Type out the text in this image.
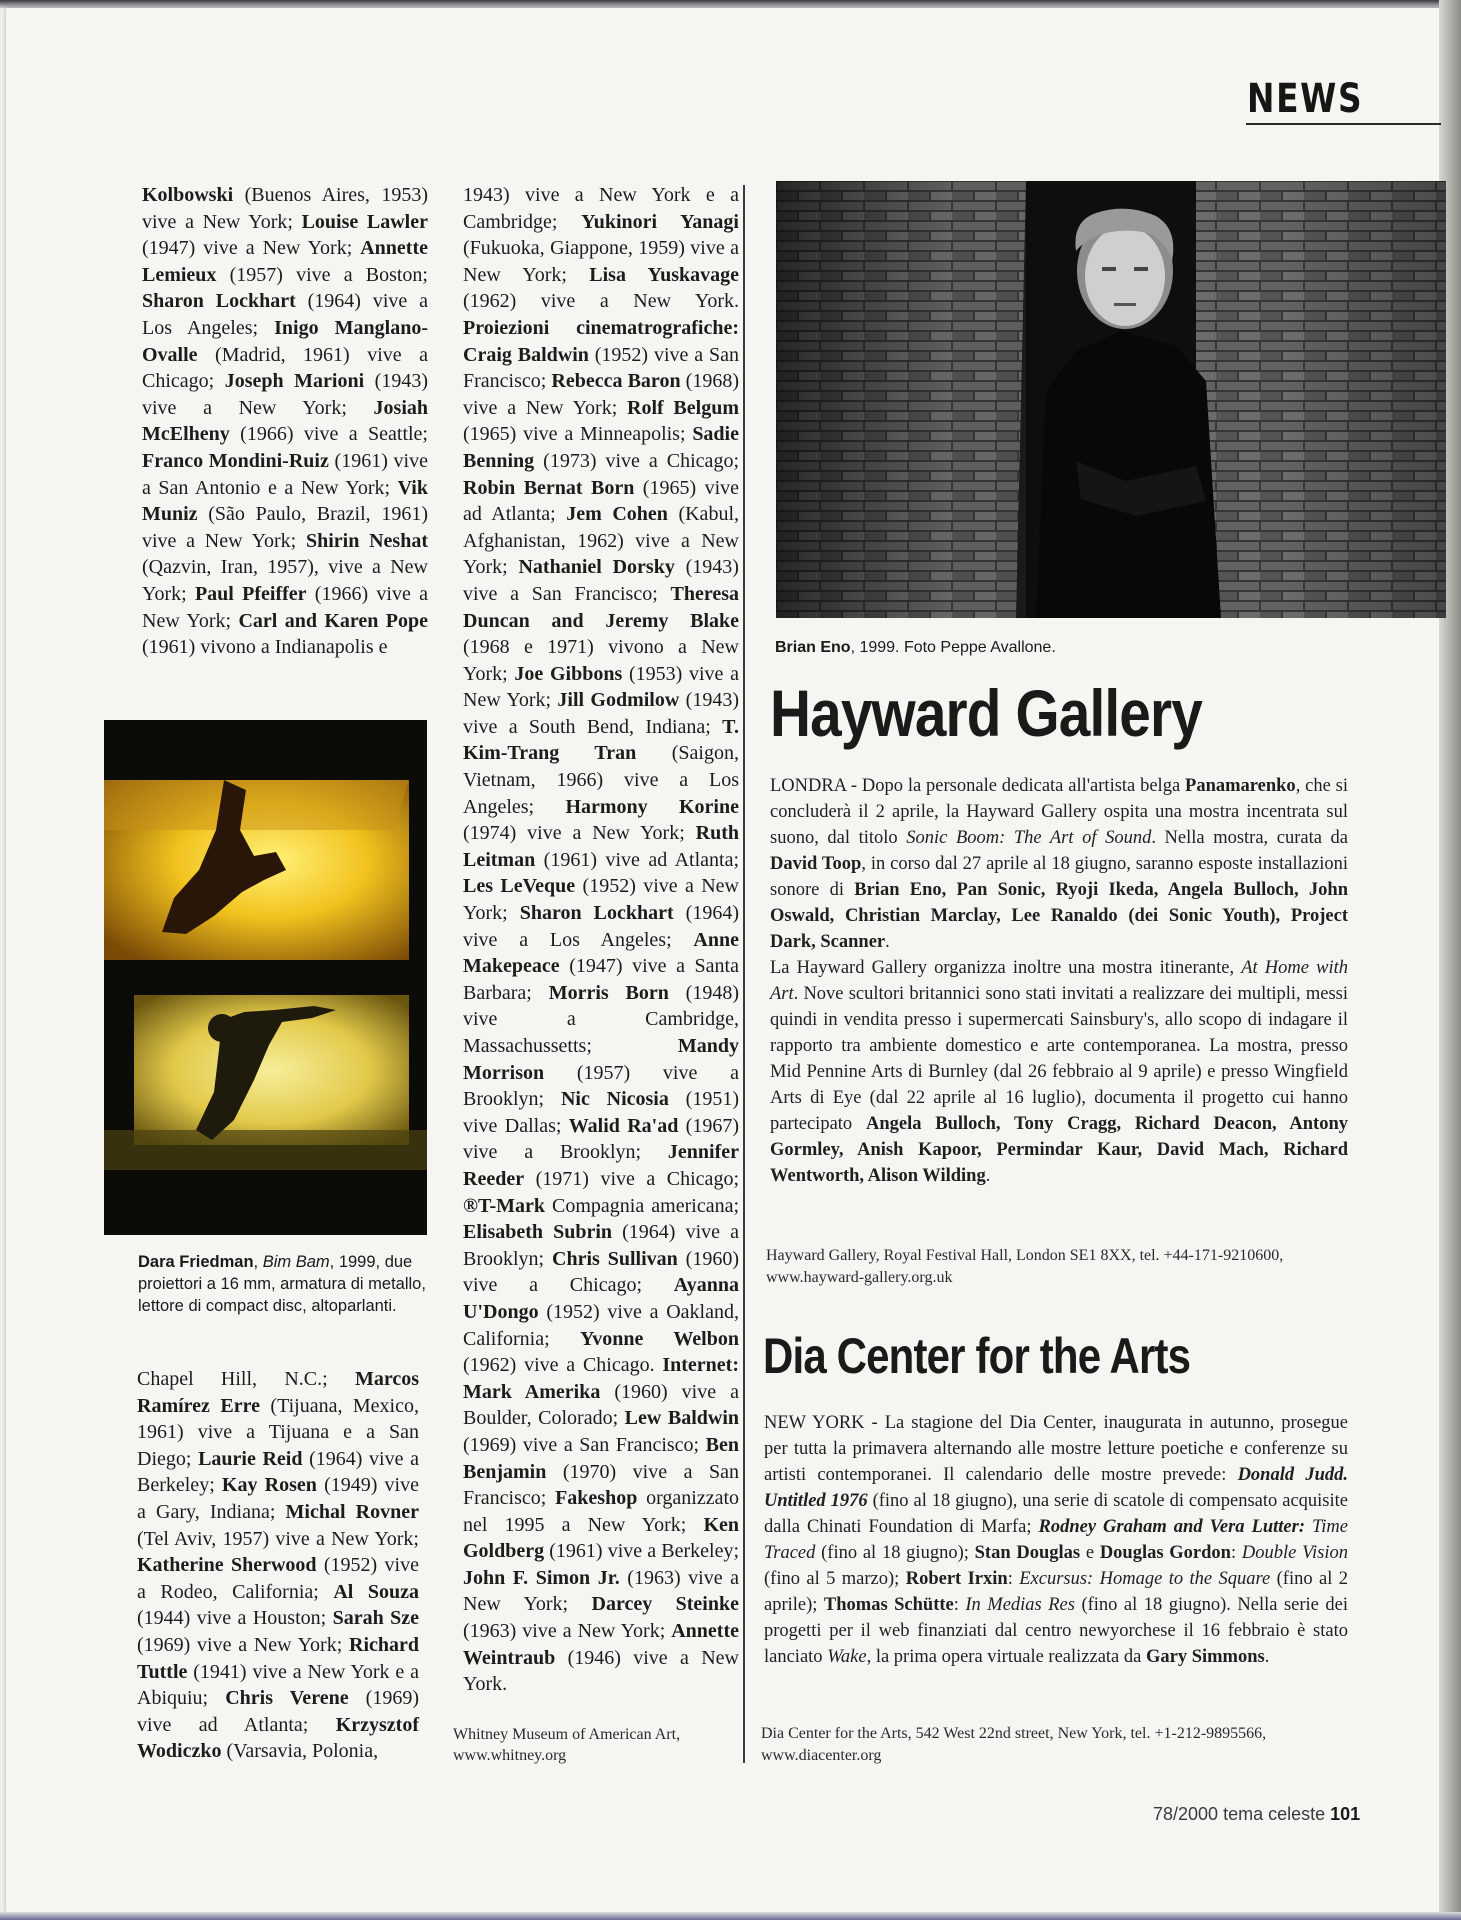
NEWS

Kolbowski (Buenos Aires, 1953) vive a New York; Louise Lawler (1947) vive a New York; Annette Lemieux (1957) vive a Boston; Sharon Lockhart (1964) vive a Los Angeles; Inigo Manglano-Ovalle (Madrid, 1961) vive a Chicago; Joseph Marioni (1943) vive a New York; Josiah McElheny (1966) vive a Seattle; Franco Mondini-Ruiz (1961) vive a San Antonio e a New York; Vik Muniz (São Paulo, Brazil, 1961) vive a New York; Shirin Neshat (Qazvin, Iran, 1957), vive a New York; Paul Pfeiffer (1966) vive a New York; Carl and Karen Pope (1961) vivono a Indianapolis e

Dara Friedman, Bim Bam, 1999, due proiettori a 16 mm, armatura di metallo, lettore di compact disc, altoparlanti.

Chapel Hill, N.C.; Marcos Ramírez Erre (Tijuana, Mexico, 1961) vive a Tijuana e a San Diego; Laurie Reid (1964) vive a Berkeley; Kay Rosen (1949) vive a Gary, Indiana; Michal Rovner (Tel Aviv, 1957) vive a New York; Katherine Sherwood (1952) vive a Rodeo, California; Al Souza (1944) vive a Houston; Sarah Sze (1969) vive a New York; Richard Tuttle (1941) vive a New York e a Abiquiu; Chris Verene (1969) vive ad Atlanta; Krzysztof Wodiczko (Varsavia, Polonia,

1943) vive a New York e a Cambridge; Yukinori Yanagi (Fukuoka, Giappone, 1959) vive a New York; Lisa Yuskavage (1962) vive a New York. Proiezioni cinematrografiche: Craig Baldwin (1952) vive a San Francisco; Rebecca Baron (1968) vive a New York; Rolf Belgum (1965) vive a Minneapolis; Sadie Benning (1973) vive a Chicago; Robin Bernat Born (1965) vive ad Atlanta; Jem Cohen (Kabul, Afghanistan, 1962) vive a New York; Nathaniel Dorsky (1943) vive a San Francisco; Theresa Duncan and Jeremy Blake (1968 e 1971) vivono a New York; Joe Gibbons (1953) vive a New York; Jill Godmilow (1943) vive a South Bend, Indiana; T. Kim-Trang Tran (Saigon, Vietnam, 1966) vive a Los Angeles; Harmony Korine (1974) vive a New York; Ruth Leitman (1961) vive ad Atlanta; Les LeVeque (1952) vive a New York; Sharon Lockhart (1964) vive a Los Angeles; Anne Makepeace (1947) vive a Santa Barbara; Morris Born (1948) vive a Cambridge, Massachussetts; Mandy Morrison (1957) vive a Brooklyn; Nic Nicosia (1951) vive Dallas; Walid Ra'ad (1967) vive a Brooklyn; Jennifer Reeder (1971) vive a Chicago; ®T-Mark Compagnia americana; Elisabeth Subrin (1964) vive a Brooklyn; Chris Sullivan (1960) vive a Chicago; Ayanna U'Dongo (1952) vive a Oakland, California; Yvonne Welbon (1962) vive a Chicago. Internet: Mark Amerika (1960) vive a Boulder, Colorado; Lew Baldwin (1969) vive a San Francisco; Ben Benjamin (1970) vive a San Francisco; Fakeshop organizzato nel 1995 a New York; Ken Goldberg (1961) vive a Berkeley; John F. Simon Jr. (1963) vive a New York; Darcey Steinke (1963) vive a New York; Annette Weintraub (1946) vive a New York.

Whitney Museum of American Art, www.whitney.org
Brian Eno, 1999. Foto Peppe Avallone.
Hayward Gallery

LONDRA - Dopo la personale dedicata all'artista belga Panamarenko, che si concluderà il 2 aprile, la Hayward Gallery ospita una mostra incentrata sul suono, dal titolo Sonic Boom: The Art of Sound. Nella mostra, curata da David Toop, in corso dal 27 aprile al 18 giugno, saranno esposte installazioni sonore di Brian Eno, Pan Sonic, Ryoji Ikeda, Angela Bulloch, John Oswald, Christian Marclay, Lee Ranaldo (dei Sonic Youth), Project Dark, Scanner.

La Hayward Gallery organizza inoltre una mostra itinerante, At Home with Art. Nove scultori britannici sono stati invitati a realizzare dei multipli, messi quindi in vendita presso i supermercati Sainsbury's, allo scopo di indagare il rapporto tra ambiente domestico e arte contemporanea. La mostra, presso Mid Pennine Arts di Burnley (dal 26 febbraio al 9 aprile) e presso Wingfield Arts di Eye (dal 22 aprile al 16 luglio), documenta il progetto cui hanno partecipato Angela Bulloch, Tony Cragg, Richard Deacon, Antony Gormley, Anish Kapoor, Permindar Kaur, David Mach, Richard Wentworth, Alison Wilding.

Hayward Gallery, Royal Festival Hall, London SE1 8XX, tel. +44-171-9210600, www.hayward-gallery.org.uk
Dia Center for the Arts

NEW YORK - La stagione del Dia Center, inaugurata in autunno, prosegue per tutta la primavera alternando alle mostre letture poetiche e conferenze su artisti contemporanei. Il calendario delle mostre prevede: Donald Judd. Untitled 1976 (fino al 18 giugno), una serie di scatole di compensato acquisite dalla Chinati Foundation di Marfa; Rodney Graham and Vera Lutter: Time Traced (fino al 18 giugno); Stan Douglas e Douglas Gordon: Double Vision (fino al 5 marzo); Robert Irxin: Excursus: Homage to the Square (fino al 2 aprile); Thomas Schütte: In Medias Res (fino al 18 giugno). Nella serie dei progetti per il web finanziati dal centro newyorchese il 16 febbraio è stato lanciato Wake, la prima opera virtuale realizzata da Gary Simmons.

Dia Center for the Arts, 542 West 22nd street, New York, tel. +1-212-9895566, www.diacenter.org
78/2000 tema celeste 101
